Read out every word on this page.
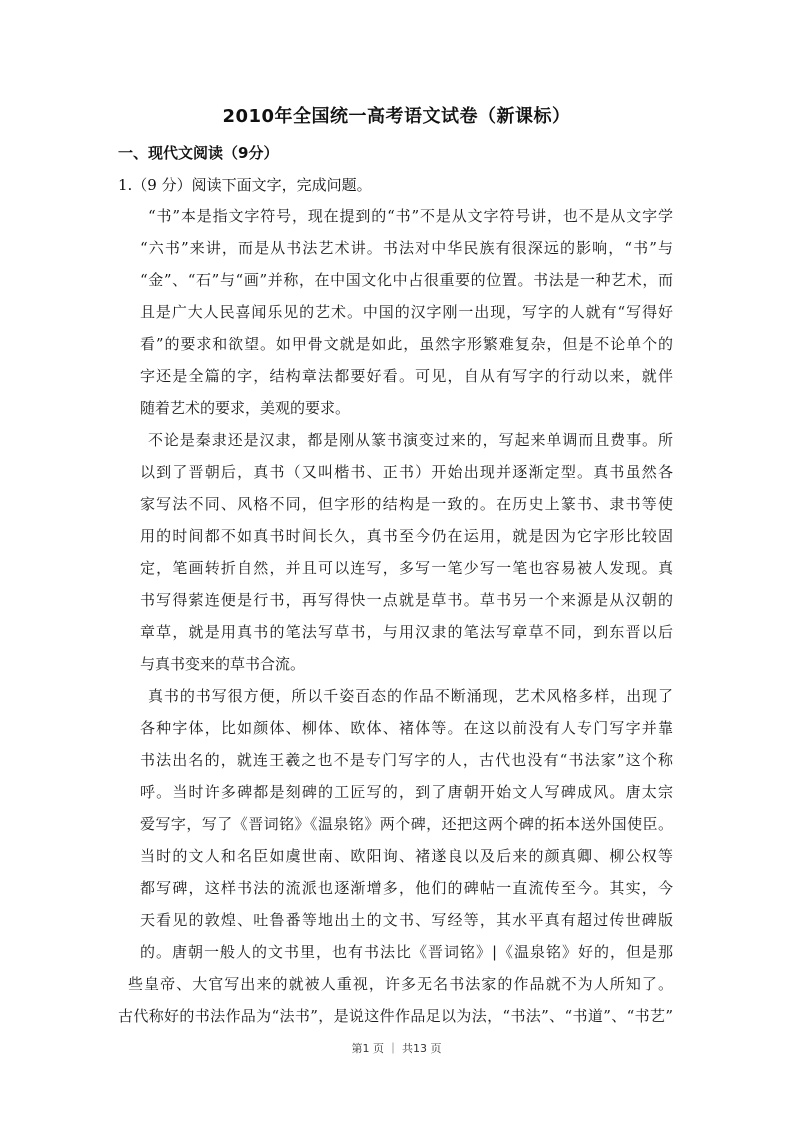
2010年全国统一高考语文试卷（新课标）
一、现代文阅读（9分）
1.（9 分）阅读下面文字，完成问题。
“书”本是指文字符号，现在提到的“书”不是从文字符号讲，也不是从文字学
“六书”来讲，而是从书法艺术讲。书法对中华民族有很深远的影响，“书”与
“金”、“石”与“画”并称，在中国文化中占很重要的位置。书法是一种艺术，而
且是广大人民喜闻乐见的艺术。中国的汉字刚一出现，写字的人就有“写得好
看”的要求和欲望。如甲骨文就是如此，虽然字形繁难复杂，但是不论单个的
字还是全篇的字，结构章法都要好看。可见，自从有写字的行动以来，就伴
随着艺术的要求，美观的要求。
不论是秦隶还是汉隶，都是刚从篆书演变过来的，写起来单调而且费事。所
以到了晋朝后，真书（又叫楷书、正书）开始出现并逐渐定型。真书虽然各
家写法不同、风格不同，但字形的结构是一致的。在历史上篆书、隶书等使
用的时间都不如真书时间长久，真书至今仍在运用，就是因为它字形比较固
定，笔画转折自然，并且可以连写，多写一笔少写一笔也容易被人发现。真
书写得萦连便是行书，再写得快一点就是草书。草书另一个来源是从汉朝的
章草，就是用真书的笔法写草书，与用汉隶的笔法写章草不同，到东晋以后
与真书变来的草书合流。
真书的书写很方便，所以千姿百态的作品不断涌现，艺术风格多样，出现了
各种字体，比如颜体、柳体、欧体、褚体等。在这以前没有人专门写字并靠
书法出名的，就连王羲之也不是专门写字的人，古代也没有“书法家”这个称
呼。当时许多碑都是刻碑的工匠写的，到了唐朝开始文人写碑成风。唐太宗
爱写字，写了《晋词铭》《温泉铭》两个碑，还把这两个碑的拓本送外国使臣。
当时的文人和名臣如虞世南、欧阳询、褚遂良以及后来的颜真卿、柳公权等
都写碑，这样书法的流派也逐渐增多，他们的碑帖一直流传至今。其实，今
天看见的敦煌、吐鲁番等地出土的文书、写经等，其水平真有超过传世碑版
的。唐朝一般人的文书里，也有书法比《晋词铭》|《温泉铭》好的，但是那
些皇帝、大官写出来的就被人重视，许多无名书法家的作品就不为人所知了。
古代称好的书法作品为“法书”，是说这件作品足以为法，“书法”、“书道”、“书艺”
第1 页 ｜ 共13 页
